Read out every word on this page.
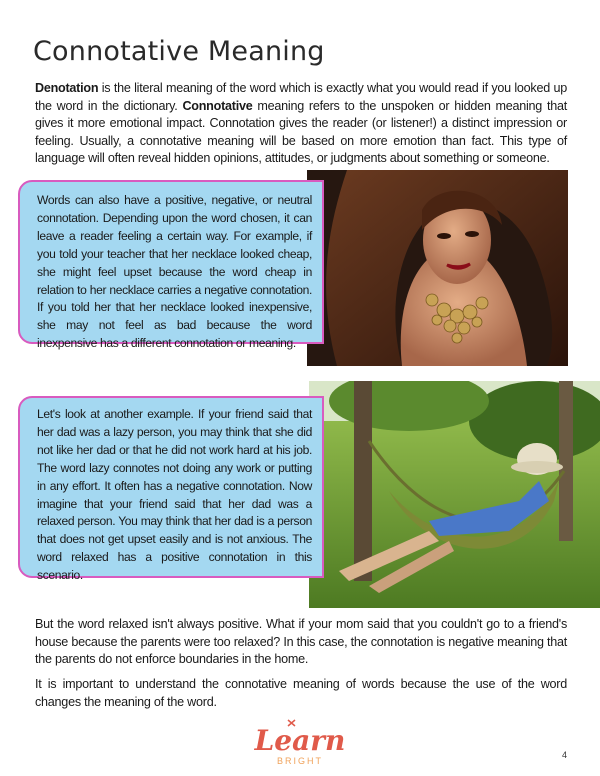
Connotative Meaning

Denotation is the literal meaning of the word which is exactly what you would read if you looked up the word in the dictionary. Connotative meaning refers to the unspoken or hidden meaning that gives it more emotional impact. Connotation gives the reader (or listener!) a distinct impression or feeling. Usually, a connotative meaning will be based on more emotion than fact. This type of language will often reveal hidden opinions, attitudes, or judgments about something or someone.

Words can also have a positive, negative, or neutral connotation. Depending upon the word chosen, it can leave a reader feeling a certain way. For example, if you told your teacher that her necklace looked cheap, she might feel upset because the word cheap in relation to her necklace carries a negative connotation. If you told her that her necklace looked inexpensive, she may not feel as bad because the word inexpensive has a different connotation or meaning.
Let's look at another example. If your friend said that her dad was a lazy person, you may think that she did not like her dad or that he did not work hard at his job. The word lazy connotes not doing any work or putting in any effort. It often has a negative connotation. Now imagine that your friend said that her dad was a relaxed person. You may think that her dad is a person that does not get upset easily and is not anxious. The word relaxed has a positive connotation in this scenario.

But the word relaxed isn't always positive. What if your mom said that you couldn't go to a friend's house because the parents were too relaxed? In this case, the connotation is negative meaning that the parents do not enforce boundaries in the home.

It is important to understand the connotative meaning of words because the use of the word changes the meaning of the word.

Learn
BRIGHT
4
